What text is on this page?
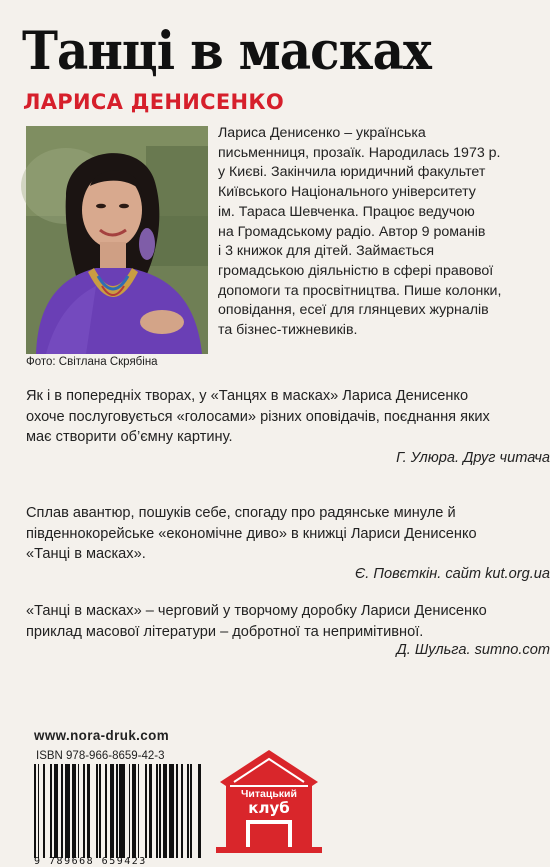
Танці в масках
ЛАРИСА ДЕНИСЕНКО
Фото: Світлана Скрябіна
Лариса Денисенко – українська
письменниця, прозаїк. Народилась 1973 р.
у Києві. Закінчила юридичний факультет
Київського Національного університету
ім. Тараса Шевченка. Працює ведучою
на Громадському радіо. Автор 9 романів
і 3 книжок для дітей. Займається
громадською діяльністю в сфері правової
допомоги та просвітництва. Пише колонки,
оповідання, есеї для глянцевих журналів
та бізнес-тижневиків.
Як і в попередніх творах, у «Танцях в масках» Лариса Денисенко
охоче послуговується «голосами» різних оповідачів, поєднання яких
має створити об’ємну картину.
Г. Улюра. Друг читача
Сплав авантюр, пошуків себе, спогаду про радянське минуле й
південнокорейське «економічне диво» в книжці Лариси Денисенко
«Танці в масках».
Є. Повєткін. сайт kut.org.ua
«Танці в масках» – черговий у творчому доробку Лариси Денисенко
приклад масової літератури – добротної та непримітивної.
Д. Шульга. sumno.com
www.nora-druk.com
ISBN 978-966-8659-42-3
9 789668 659423
Читацький
клуб
